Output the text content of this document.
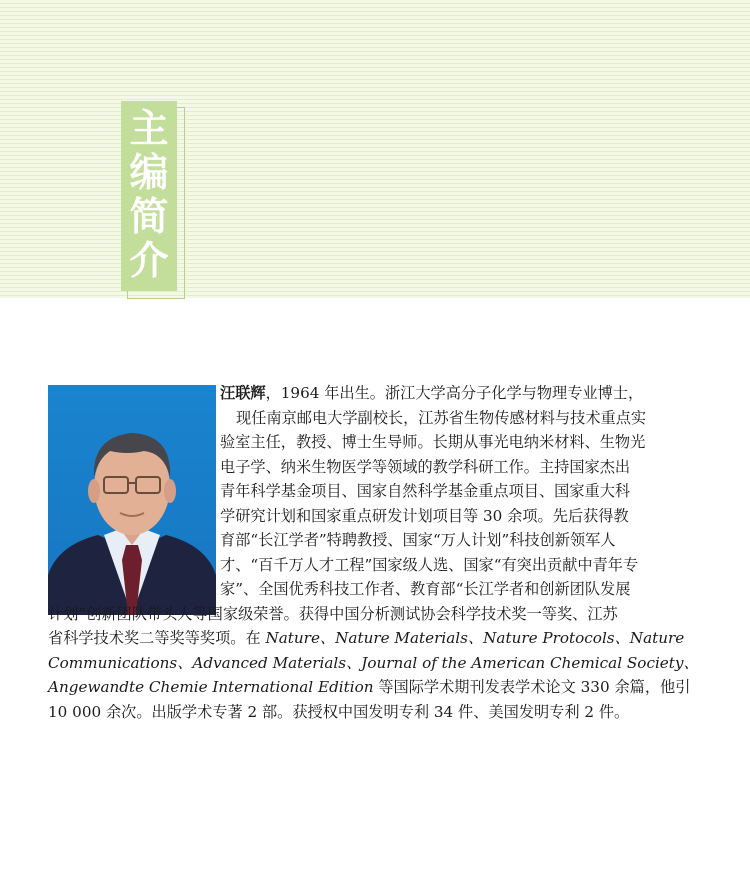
主
编
简
介
汪联辉，1964 年出生。浙江大学高分子化学与物理专业博士，
现任南京邮电大学副校长，江苏省生物传感材料与技术重点实
验室主任，教授、博士生导师。长期从事光电纳米材料、生物光
电子学、纳米生物医学等领域的教学科研工作。主持国家杰出
青年科学基金项目、国家自然科学基金重点项目、国家重大科
学研究计划和国家重点研发计划项目等 30 余项。先后获得教
育部“长江学者”特聘教授、国家“万人计划”科技创新领军人
才、“百千万人才工程”国家级人选、国家“有突出贡献中青年专
家”、全国优秀科技工作者、教育部“长江学者和创新团队发展
计划”创新团队带头人等国家级荣誉。获得中国分析测试协会科学技术奖一等奖、江苏
省科学技术奖二等奖等奖项。在 Nature、Nature Materials、Nature Protocols、Nature
Communications、Advanced Materials、Journal of the American Chemical Society、
Angewandte Chemie International Edition 等国际学术期刊发表学术论文 330 余篇，他引
10 000 余次。出版学术专著 2 部。获授权中国发明专利 34 件、美国发明专利 2 件。
